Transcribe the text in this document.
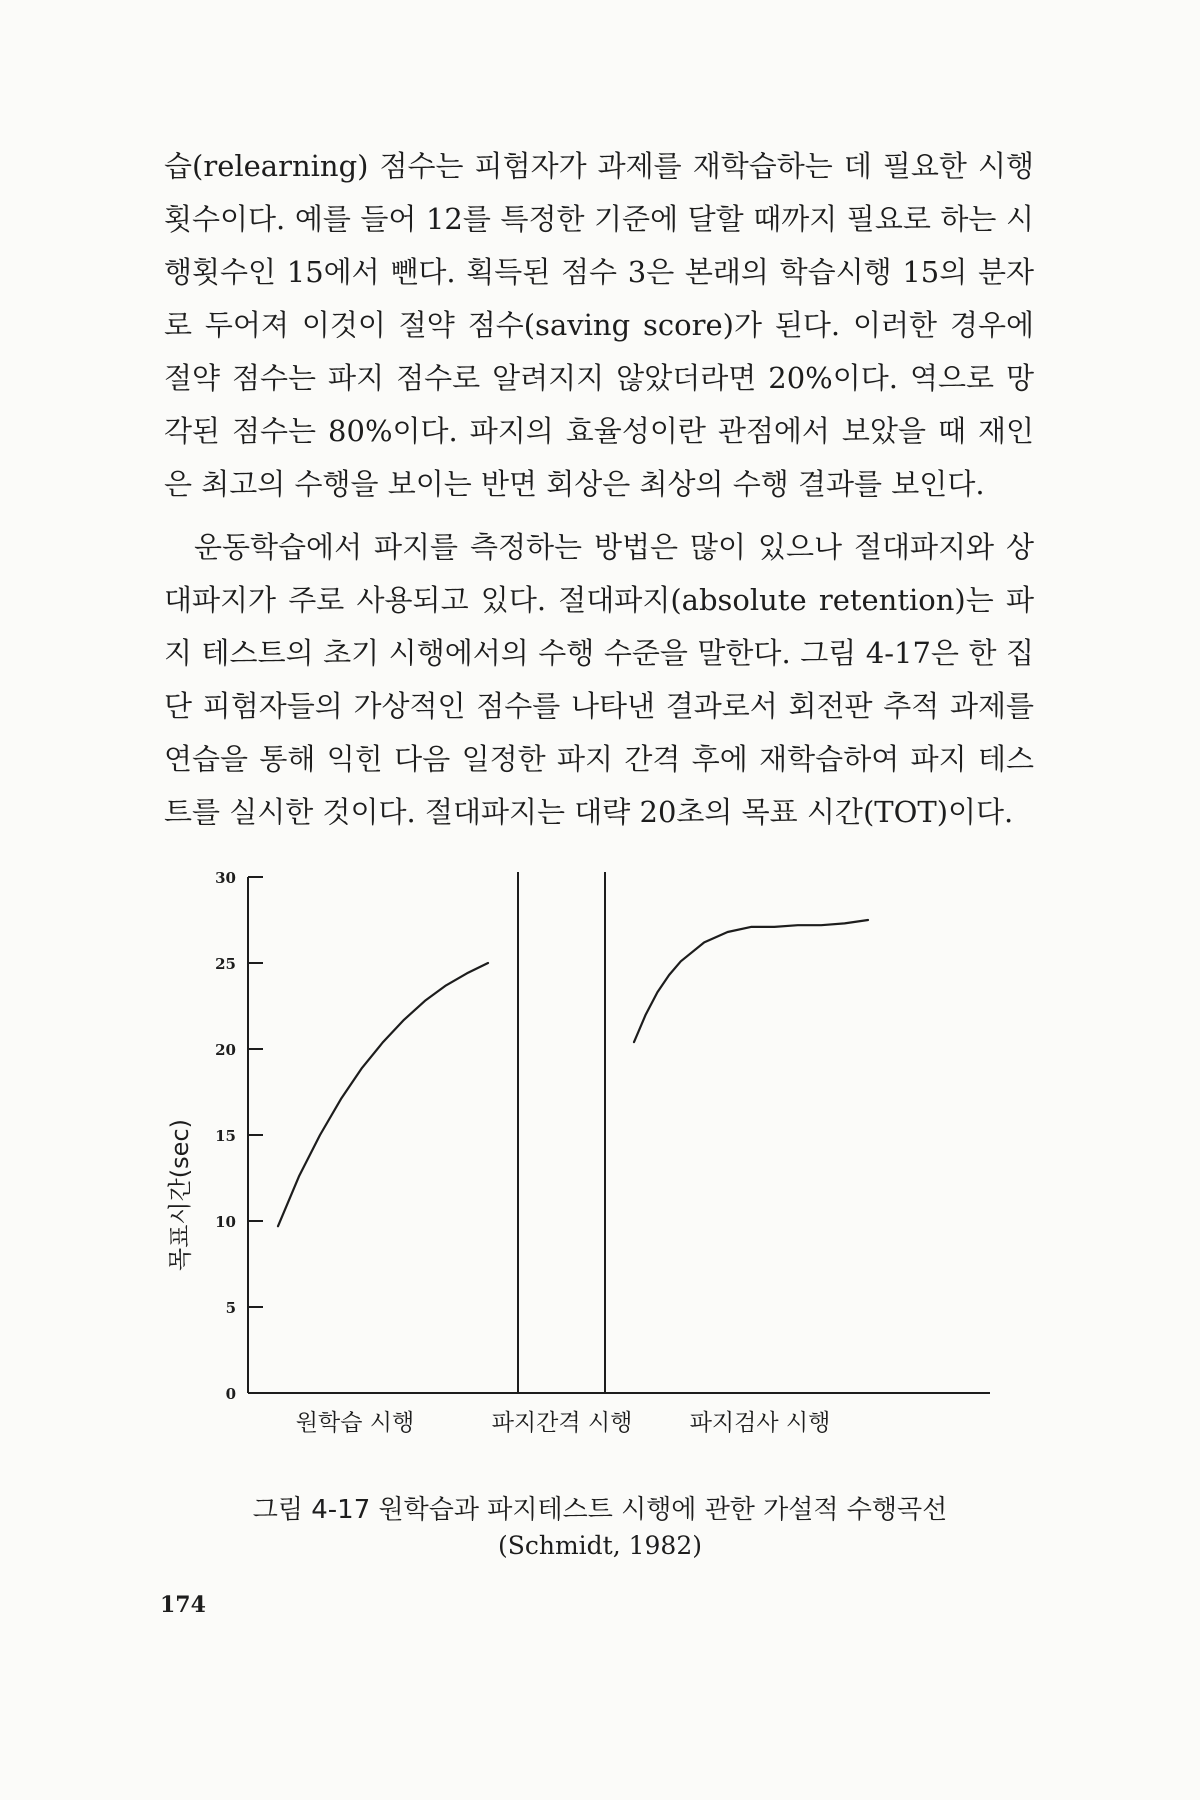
습(relearning) 점수는 피험자가 과제를 재학습하는 데 필요한 시행 횟수이다. 예를 들어 12를 특정한 기준에 달할 때까지 필요로 하는 시행횟수인 15에서 뺀다. 획득된 점수 3은 본래의 학습시행 15의 분자로 두어져 이것이 절약 점수(saving score)가 된다. 이러한 경우에 절약 점수는 파지 점수로 알려지지 않았더라면 20%이다. 역으로 망각된 점수는 80%이다. 파지의 효율성이란 관점에서 보았을 때 재인은 최고의 수행을 보이는 반면 회상은 최상의 수행 결과를 보인다.

운동학습에서 파지를 측정하는 방법은 많이 있으나 절대파지와 상대파지가 주로 사용되고 있다. 절대파지(absolute retention)는 파지 테스트의 초기 시행에서의 수행 수준을 말한다. 그림 4-17은 한 집단 피험자들의 가상적인 점수를 나타낸 결과로서 회전판 추적 과제를 연습을 통해 익힌 다음 일정한 파지 간격 후에 재학습하여 파지 테스트를 실시한 것이다. 절대파지는 대략 20초의 목표 시간(TOT)이다.

목표시간(sec)
0
5
10
15
20
25
30
원학습 시행	파지간격 시행 파지검사 시행
그림 4-17 원학습과 파지테스트 시행에 관한 가설적 수행곡선
(Schmidt, 1982)
174
